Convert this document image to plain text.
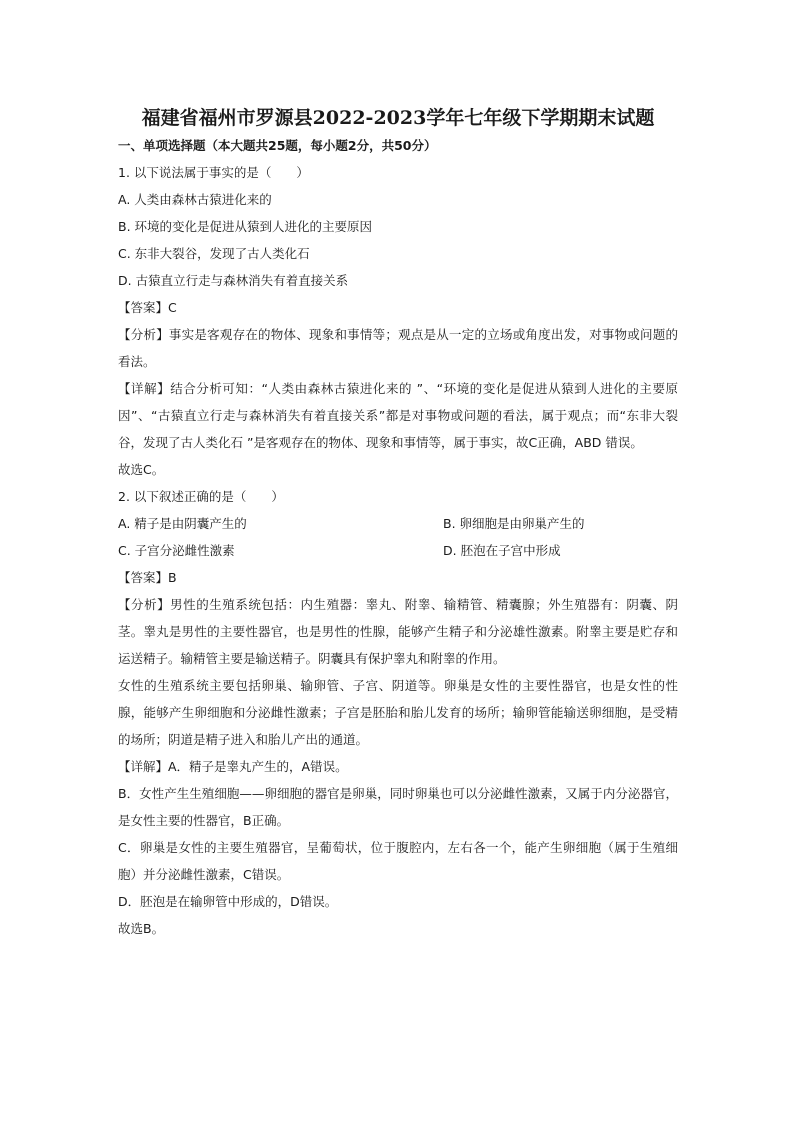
福建省福州市罗源县2022-2023学年七年级下学期期末试题
一、单项选择题（本大题共25题，每小题2分，共50分）
1. 以下说法属于事实的是（　　）
A. 人类由森林古猿进化来的
B. 环境的变化是促进从猿到人进化的主要原因
C. 东非大裂谷，发现了古人类化石
D. 古猿直立行走与森林消失有着直接关系
【答案】C
【分析】事实是客观存在的物体、现象和事情等；观点是从一定的立场或角度出发，对事物或问题的看法。
【详解】结合分析可知：“人类由森林古猿进化来的 ”、“环境的变化是促进从猿到人进化的主要原因”、“古猿直立行走与森林消失有着直接关系”都是对事物或问题的看法，属于观点；而“东非大裂谷，发现了古人类化石 ”是客观存在的物体、现象和事情等，属于事实，故C正确，ABD 错误。
故选C。
2. 以下叙述正确的是（　　）
A. 精子是由阴囊产生的	B. 卵细胞是由卵巢产生的
C. 子宫分泌雌性激素	D. 胚泡在子宫中形成
【答案】B
【分析】男性的生殖系统包括：内生殖器：睾丸、附睾、输精管、精囊腺；外生殖器有：阴囊、阴茎。睾丸是男性的主要性器官，也是男性的性腺，能够产生精子和分泌雄性激素。附睾主要是贮存和运送精子。输精管主要是输送精子。阴囊具有保护睾丸和附睾的作用。
女性的生殖系统主要包括卵巢、输卵管、子宫、阴道等。卵巢是女性的主要性器官，也是女性的性腺，能够产生卵细胞和分泌雌性激素；子宫是胚胎和胎儿发育的场所；输卵管能输送卵细胞，是受精的场所；阴道是精子进入和胎儿产出的通道。
【详解】A．精子是睾丸产生的，A错误。
B．女性产生生殖细胞——卵细胞的器官是卵巢，同时卵巢也可以分泌雌性激素，又属于内分泌器官，是女性主要的性器官，B正确。
C．卵巢是女性的主要生殖器官，呈葡萄状，位于腹腔内，左右各一个，能产生卵细胞（属于生殖细胞）并分泌雌性激素，C错误。
D．胚泡是在输卵管中形成的，D错误。
故选B。
